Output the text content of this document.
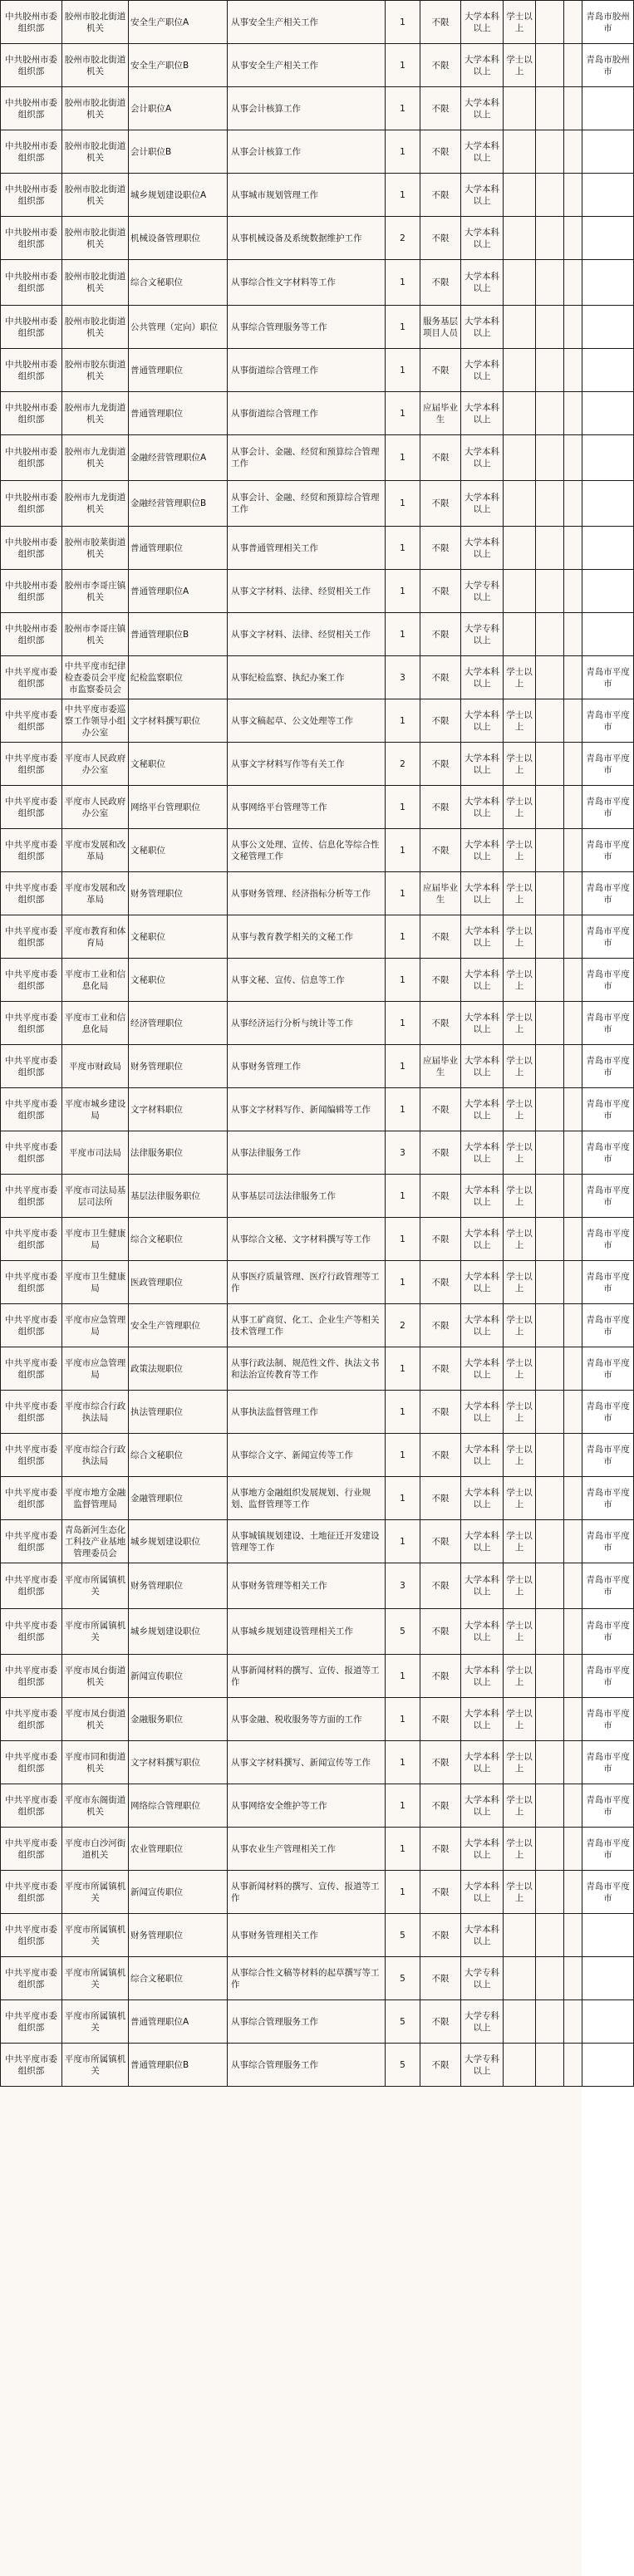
中共胶州市委组织部	胶州市胶北街道机关	安全生产职位A	从事安全生产相关工作	1	不限	大学本科以上	学士以上			青岛市胶州市
中共胶州市委组织部	胶州市胶北街道机关	安全生产职位B	从事安全生产相关工作	1	不限	大学本科以上	学士以上			青岛市胶州市
中共胶州市委组织部	胶州市胶北街道机关	会计职位A	从事会计核算工作	1	不限	大学本科以上				
中共胶州市委组织部	胶州市胶北街道机关	会计职位B	从事会计核算工作	1	不限	大学本科以上				
中共胶州市委组织部	胶州市胶北街道机关	城乡规划建设职位A	从事城市规划管理工作	1	不限	大学本科以上				
中共胶州市委组织部	胶州市胶北街道机关	机械设备管理职位	从事机械设备及系统数据维护工作	2	不限	大学本科以上				
中共胶州市委组织部	胶州市胶北街道机关	综合文秘职位	从事综合性文字材料等工作	1	不限	大学本科以上				
中共胶州市委组织部	胶州市胶北街道机关	公共管理（定向）职位	从事综合管理服务等工作	1	服务基层项目人员	大学本科以上				
中共胶州市委组织部	胶州市胶东街道机关	普通管理职位	从事街道综合管理工作	1	不限	大学本科以上				
中共胶州市委组织部	胶州市九龙街道机关	普通管理职位	从事街道综合管理工作	1	应届毕业生	大学本科以上				
中共胶州市委组织部	胶州市九龙街道机关	金融经营管理职位A	从事会计、金融、经贸和预算综合管理工作	1	不限	大学本科以上				
中共胶州市委组织部	胶州市九龙街道机关	金融经营管理职位B	从事会计、金融、经贸和预算综合管理工作	1	不限	大学本科以上				
中共胶州市委组织部	胶州市胶莱街道机关	普通管理职位	从事普通管理相关工作	1	不限	大学本科以上				
中共胶州市委组织部	胶州市李哥庄镇机关	普通管理职位A	从事文字材料、法律、经贸相关工作	1	不限	大学专科以上				
中共胶州市委组织部	胶州市李哥庄镇机关	普通管理职位B	从事文字材料、法律、经贸相关工作	1	不限	大学专科以上				
中共平度市委组织部	中共平度市纪律检查委员会平度市监察委员会	纪检监察职位	从事纪检监察、执纪办案工作	3	不限	大学本科以上	学士以上			青岛市平度市
中共平度市委组织部	中共平度市委巡察工作领导小组办公室	文字材料撰写职位	从事文稿起草、公文处理等工作	1	不限	大学本科以上	学士以上			青岛市平度市
中共平度市委组织部	平度市人民政府办公室	文秘职位	从事文字材料写作等有关工作	2	不限	大学本科以上	学士以上			青岛市平度市
中共平度市委组织部	平度市人民政府办公室	网络平台管理职位	从事网络平台管理等工作	1	不限	大学本科以上	学士以上			青岛市平度市
中共平度市委组织部	平度市发展和改革局	文秘职位	从事公文处理、宣传、信息化等综合性文秘管理工作	1	不限	大学本科以上	学士以上			青岛市平度市
中共平度市委组织部	平度市发展和改革局	财务管理职位	从事财务管理、经济指标分析等工作	1	应届毕业生	大学本科以上	学士以上			青岛市平度市
中共平度市委组织部	平度市教育和体育局	文秘职位	从事与教育教学相关的文秘工作	1	不限	大学本科以上	学士以上			青岛市平度市
中共平度市委组织部	平度市工业和信息化局	文秘职位	从事文秘、宣传、信息等工作	1	不限	大学本科以上	学士以上			青岛市平度市
中共平度市委组织部	平度市工业和信息化局	经济管理职位	从事经济运行分析与统计等工作	1	不限	大学本科以上	学士以上			青岛市平度市
中共平度市委组织部	平度市财政局	财务管理职位	从事财务管理工作	1	应届毕业生	大学本科以上	学士以上			青岛市平度市
中共平度市委组织部	平度市城乡建设局	文字材料职位	从事文字材料写作、新闻编辑等工作	1	不限	大学本科以上	学士以上			青岛市平度市
中共平度市委组织部	平度市司法局	法律服务职位	从事法律服务工作	3	不限	大学本科以上	学士以上			青岛市平度市
中共平度市委组织部	平度市司法局基层司法所	基层法律服务职位	从事基层司法法律服务工作	1	不限	大学本科以上	学士以上			青岛市平度市
中共平度市委组织部	平度市卫生健康局	综合文秘职位	从事综合文秘、文字材料撰写等工作	1	不限	大学本科以上	学士以上			青岛市平度市
中共平度市委组织部	平度市卫生健康局	医政管理职位	从事医疗质量管理、医疗行政管理等工作	1	不限	大学本科以上	学士以上			青岛市平度市
中共平度市委组织部	平度市应急管理局	安全生产管理职位	从事工矿商贸、化工、企业生产等相关技术管理工作	2	不限	大学本科以上	学士以上			青岛市平度市
中共平度市委组织部	平度市应急管理局	政策法规职位	从事行政法制、规范性文件、执法文书和法治宣传教育等工作	1	不限	大学本科以上	学士以上			青岛市平度市
中共平度市委组织部	平度市综合行政执法局	执法管理职位	从事执法监督管理工作	1	不限	大学本科以上	学士以上			青岛市平度市
中共平度市委组织部	平度市综合行政执法局	综合文秘职位	从事综合文字、新闻宣传等工作	1	不限	大学本科以上	学士以上			青岛市平度市
中共平度市委组织部	平度市地方金融监督管理局	金融管理职位	从事地方金融组织发展规划、行业规划、监督管理等工作	1	不限	大学本科以上	学士以上			青岛市平度市
中共平度市委组织部	青岛新河生态化工科技产业基地管理委员会	城乡规划建设职位	从事城镇规划建设、土地征迁开发建设管理等工作	1	不限	大学本科以上	学士以上			青岛市平度市
中共平度市委组织部	平度市所属镇机关	财务管理职位	从事财务管理等相关工作	3	不限	大学本科以上	学士以上			青岛市平度市
中共平度市委组织部	平度市所属镇机关	城乡规划建设职位	从事城乡规划建设管理相关工作	5	不限	大学本科以上	学士以上			青岛市平度市
中共平度市委组织部	平度市凤台街道机关	新闻宣传职位	从事新闻材料的撰写、宣传、报道等工作	1	不限	大学本科以上	学士以上			青岛市平度市
中共平度市委组织部	平度市凤台街道机关	金融服务职位	从事金融、税收服务等方面的工作	1	不限	大学本科以上	学士以上			青岛市平度市
中共平度市委组织部	平度市同和街道机关	文字材料撰写职位	从事文字材料撰写、新闻宣传等工作	1	不限	大学本科以上	学士以上			青岛市平度市
中共平度市委组织部	平度市东阁街道机关	网络综合管理职位	从事网络安全维护等工作	1	不限	大学本科以上	学士以上			青岛市平度市
中共平度市委组织部	平度市白沙河街道机关	农业管理职位	从事农业生产管理相关工作	1	不限	大学本科以上	学士以上			青岛市平度市
中共平度市委组织部	平度市所属镇机关	新闻宣传职位	从事新闻材料的撰写、宣传、报道等工作	1	不限	大学本科以上	学士以上			青岛市平度市
中共平度市委组织部	平度市所属镇机关	财务管理职位	从事财务管理相关工作	5	不限	大学本科以上				
中共平度市委组织部	平度市所属镇机关	综合文秘职位	从事综合性文稿等材料的起草撰写等工作	5	不限	大学专科以上				
中共平度市委组织部	平度市所属镇机关	普通管理职位A	从事综合管理服务工作	5	不限	大学专科以上				
中共平度市委组织部	平度市所属镇机关	普通管理职位B	从事综合管理服务工作	5	不限	大学专科以上				
